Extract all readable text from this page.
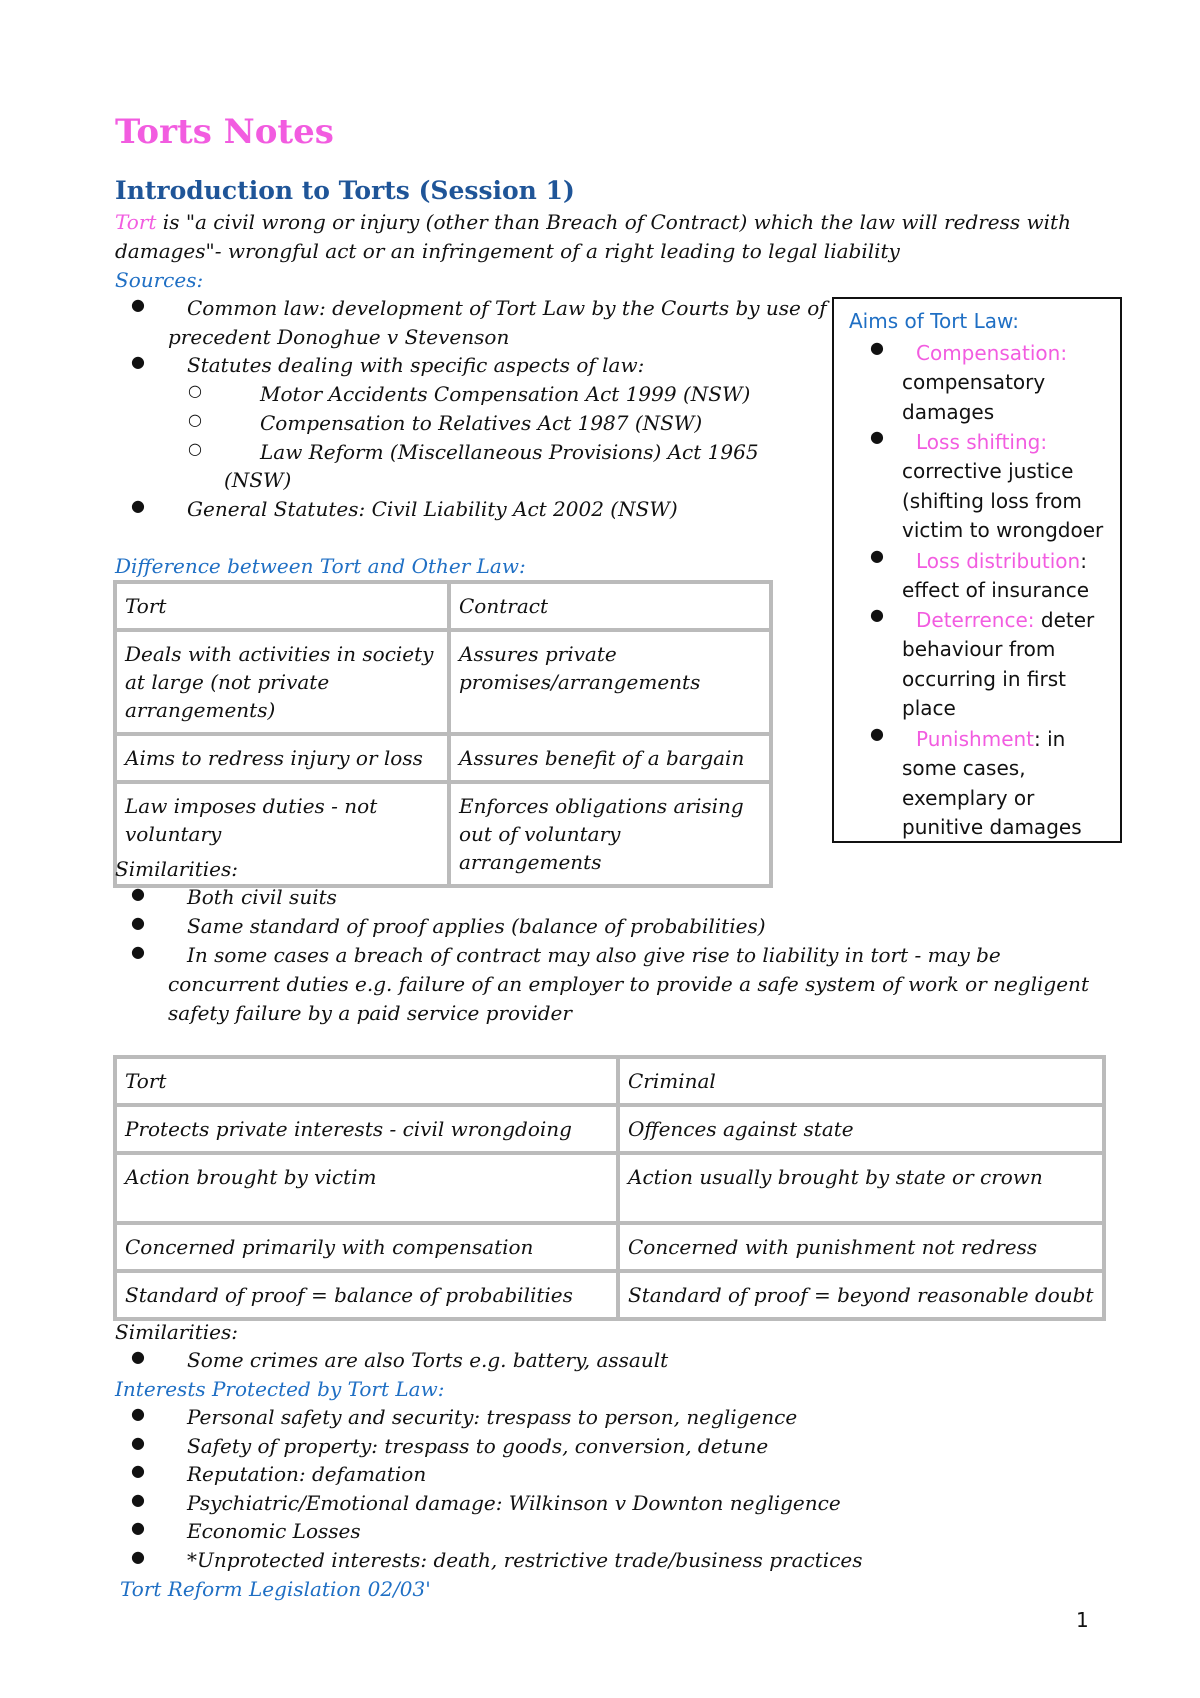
Torts Notes
Introduction to Torts (Session 1)
Tort is "a civil wrong or injury (other than Breach of Contract) which the law will redress with
damages"- wrongful act or an infringement of a right leading to legal liability
Sources:
● Common law: development of Tort Law by the Courts by use of
precedent Donoghue v Stevenson
● Statutes dealing with specific aspects of law:
○	Motor Accidents Compensation Act 1999 (NSW)
○	Compensation to Relatives Act 1987 (NSW)
○	Law Reform (Miscellaneous Provisions) Act 1965
(NSW)
● General Statutes: Civil Liability Act 2002 (NSW)
Aims of Tort Law:
●	Compensation:
compensatory
damages
●	Loss shifting:
corrective justice
(shifting loss from
victim to wrongdoer
●	Loss distribution:
effect of insurance
●	Deterrence: deter
behaviour from
occurring in first
place
●	Punishment: in
some cases,
exemplary or
punitive damages
Difference between Tort and Other Law:
Tort	Contract
Deals with activities in society at large (not private arrangements)	Assures private promises/arrangements
Aims to redress injury or loss	Assures benefit of a bargain
Law imposes duties - not voluntary	Enforces obligations arising out of voluntary arrangements
Similarities:
● Both civil suits
● Same standard of proof applies (balance of probabilities)
● In some cases a breach of contract may also give rise to liability in tort - may be
concurrent duties e.g. failure of an employer to provide a safe system of work or negligent
safety failure by a paid service provider
Tort	Criminal
Protects private interests - civil wrongdoing	Offences against state
Action brought by victim	Action usually brought by state or crown
Concerned primarily with compensation	Concerned with punishment not redress
Standard of proof = balance of probabilities	Standard of proof = beyond reasonable doubt
Similarities:
● Some crimes are also Torts e.g. battery, assault
Interests Protected by Tort Law:
● Personal safety and security: trespass to person, negligence
● Safety of property: trespass to goods, conversion, detune
● Reputation: defamation
● Psychiatric/Emotional damage: Wilkinson v Downton negligence
● Economic Losses
● *Unprotected interests: death, restrictive trade/business practices
Tort Reform Legislation 02/03'
1
